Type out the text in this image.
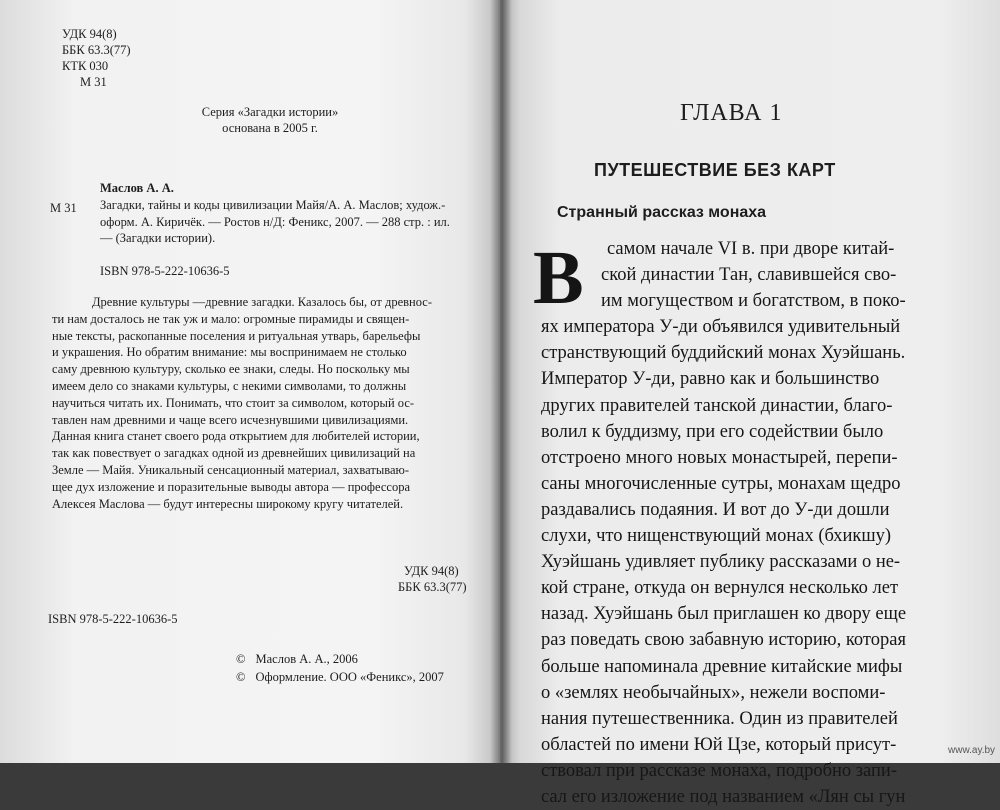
УДК 94(8)
ББК 63.3(77)
КТК 030
М 31
Серия «Загадки истории»
основана в 2005 г.
Маслов А. А.
М 31 Загадки, тайны и коды цивилизации Майя/А. А. Маслов; худож.-
оформ. А. Киричёк. — Ростов н/Д: Феникс, 2007. — 288 стр. : ил.
— (Загадки истории).
ISBN 978-5-222-10636-5
Древние культуры —древние загадки. Казалось бы, от древнос-
ти нам досталось не так уж и мало: огромные пирамиды и священ-
ные тексты, раскопанные поселения и ритуальная утварь, барельефы
и украшения. Но обратим внимание: мы воспринимаем не столько
саму древнюю культуру, сколько ее знаки, следы. Но поскольку мы
имеем дело со знаками культуры, с некими символами, то должны
научиться читать их. Понимать, что стоит за символом, который ос-
тавлен нам древними и чаще всего исчезнувшими цивилизациями.
Данная книга станет своего рода открытием для любителей истории,
так как повествует о загадках одной из древнейших цивилизаций на
Земле — Майя. Уникальный сенсационный материал, захватываю-
щее дух изложение и поразительные выводы автора — профессора
Алексея Маслова — будут интересны широкому кругу читателей.
УДК 94(8)
ББК 63.3(77)
ISBN 978-5-222-10636-5
© Маслов А. А., 2006
© Оформление. ООО «Феникс», 2007
ГЛАВА 1
ПУТЕШЕСТВИЕ БЕЗ КАРТ
Странный рассказ монаха
В	самом начале VI в. при дворе китай-
ской династии Тан, славившейся сво-
им могуществом и богатством, в поко-
ях императора У-ди объявился удивительный
странствующий буддийский монах Хуэйшань.
Император У-ди, равно как и большинство
других правителей танской династии, благо-
волил к буддизму, при его содействии было
отстроено много новых монастырей, перепи-
саны многочисленные сутры, монахам щедро
раздавались подаяния. И вот до У-ди дошли
слухи, что нищенствующий монах (бхикшу)
Хуэйшань удивляет публику рассказами о не-
кой стране, откуда он вернулся несколько лет
назад. Хуэйшань был приглашен ко двору еще
раз поведать свою забавную историю, которая
больше напоминала древние китайские мифы
о «землях необычайных», нежели воспоми-
нания путешественника. Один из правителей
областей по имени Юй Цзе, который присут-
ствовал при рассказе монаха, подробно запи-
сал его изложение под названием «Лян сы гун
www.ay.by
